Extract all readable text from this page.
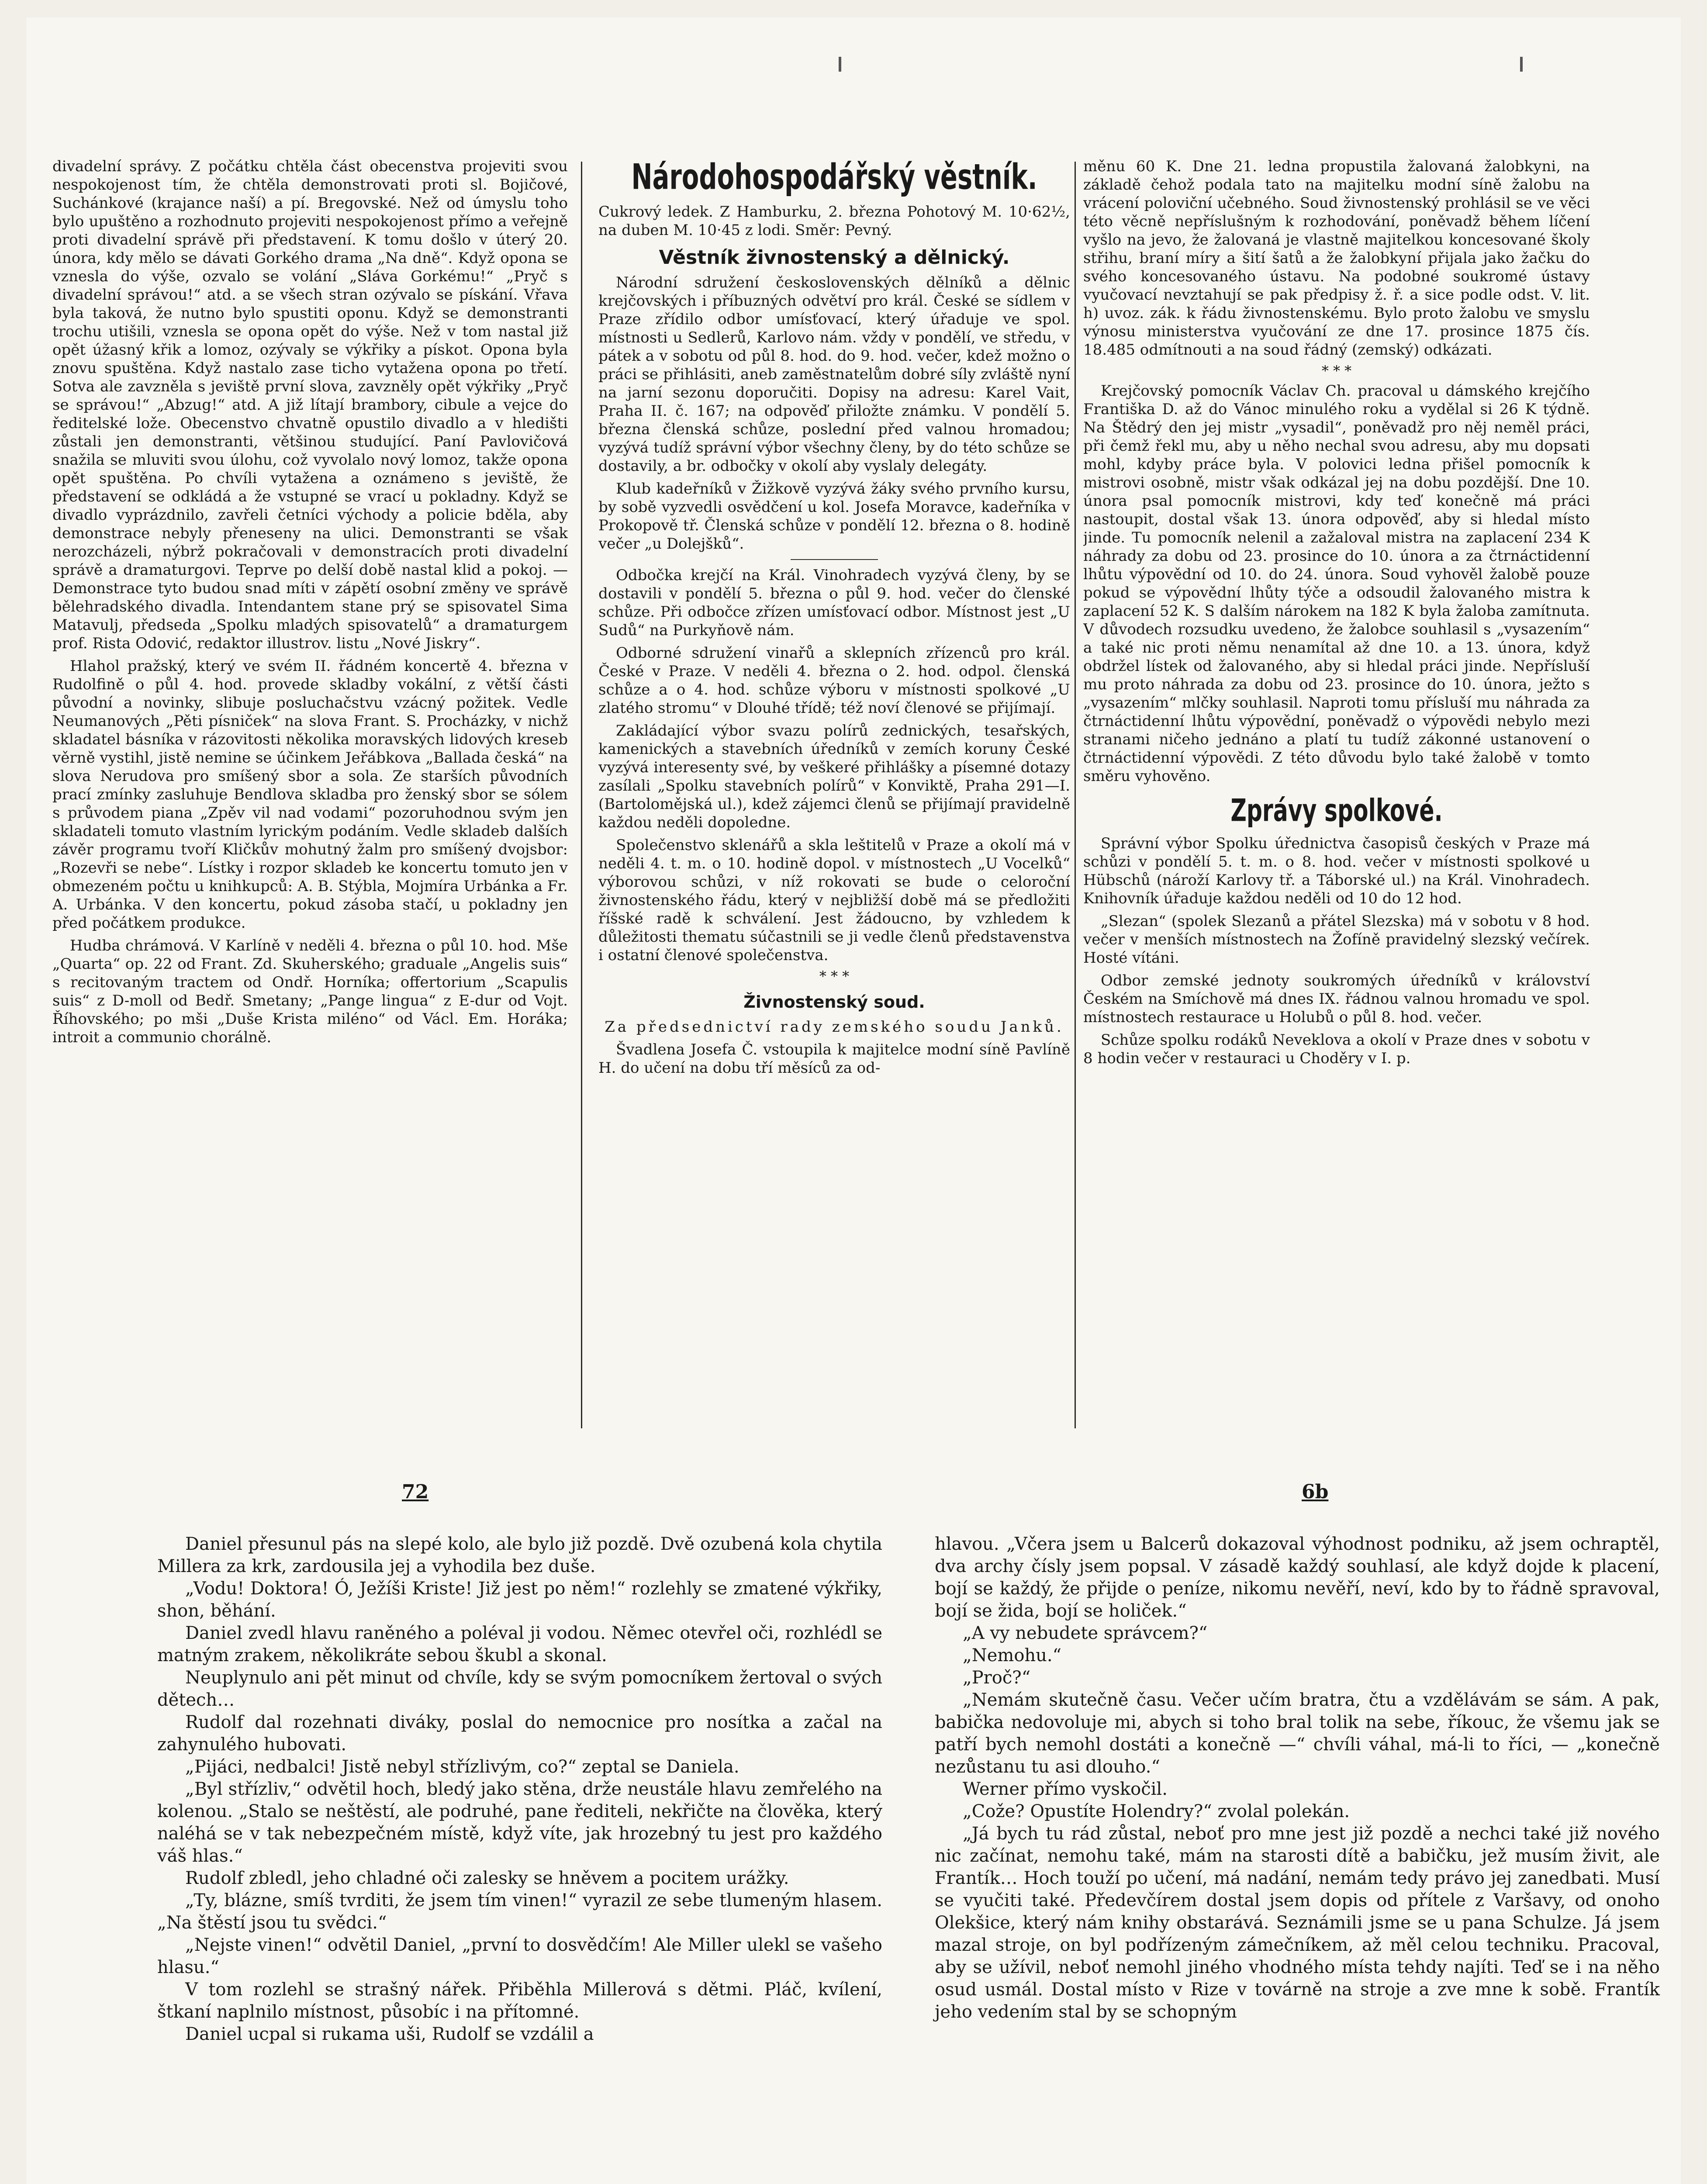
divadelní správy. Z počátku chtěla část obecenstva projeviti svou nespokojenost tím, že chtěla demonstrovati proti sl. Bojičové, Suchánkové (krajance naší) a pí. Bregovské. Než od úmyslu toho bylo upuštěno a rozhodnuto projeviti nespokojenost přímo a veřejně proti divadelní správě při představení. K tomu došlo v úterý 20. února, kdy mělo se dávati Gorkého drama „Na dně“. Když opona se vznesla do výše, ozvalo se volání „Sláva Gorkému!“ „Pryč s divadelní správou!“ atd. a se všech stran ozývalo se pískání. Vřava byla taková, že nutno bylo spustiti oponu. Když se demonstranti trochu utišili, vznesla se opona opět do výše. Než v tom nastal již opět úžasný křik a lomoz, ozývaly se výkřiky a pískot. Opona byla znovu spuštěna. Když nastalo zase ticho vytažena opona po třetí. Sotva ale zavzněla s jeviště první slova, zavzněly opět výkřiky „Pryč se správou!“ „Abzug!“ atd. A již lítají brambory, cibule a vejce do ředitelské lože. Obecenstvo chvatně opustilo divadlo a v hledišti zůstali jen demonstranti, většinou studující. Paní Pavlovičová snažila se mluviti svou úlohu, což vyvolalo nový lomoz, takže opona opět spuštěna. Po chvíli vytažena a oznámeno s jeviště, že představení se odkládá a že vstupné se vrací u pokladny. Když se divadlo vyprázdnilo, zavřeli četníci východy a policie bděla, aby demonstrace nebyly přeneseny na ulici. Demonstranti se však nerozcházeli, nýbrž pokračovali v demonstracích proti divadelní správě a dramaturgovi. Teprve po delší době nastal klid a pokoj. — Demonstrace tyto budou snad míti v zápětí osobní změny ve správě bělehradského divadla. Intendantem stane prý se spisovatel Sima Matavulj, předseda „Spolku mladých spisovatelů“ a dramaturgem prof. Rista Odović, redaktor illustrov. listu „Nové Jiskry“.

Hlahol pražský, který ve svém II. řádném koncertě 4. března v Rudolfině o půl 4. hod. provede skladby vokální, z větší části původní a novinky, slibuje posluchačstvu vzácný požitek. Vedle Neumanových „Pěti písniček“ na slova Frant. S. Procházky, v nichž skladatel básníka v rázovitosti několika moravských lidových kreseb věrně vystihl, jistě nemine se účinkem Jeřábkova „Ballada česká“ na slova Nerudova pro smíšený sbor a sola. Ze starších původních prací zmínky zasluhuje Bendlova skladba pro ženský sbor se sólem s průvodem piana „Zpěv vil nad vodami“ pozoruhodnou svým jen skladateli tomuto vlastním lyrickým podáním. Vedle skladeb dalších závěr programu tvoří Kličkův mohutný žalm pro smíšený dvojsbor: „Rozevři se nebe“. Lístky i rozpor skladeb ke koncertu tomuto jen v obmezeném počtu u knihkupců: A. B. Stýbla, Mojmíra Urbánka a Fr. A. Urbánka. V den koncertu, pokud zásoba stačí, u pokladny jen před počátkem produkce.

Hudba chrámová. V Karlíně v neděli 4. března o půl 10. hod. Mše „Quarta“ op. 22 od Frant. Zd. Skuherského; graduale „Angelis suis“ s recitovaným tractem od Ondř. Horníka; offertorium „Scapulis suis“ z D-moll od Bedř. Smetany; „Pange lingua“ z E-dur od Vojt. Říhovského; po mši „Duše Krista miléno“ od Václ. Em. Horáka; introit a communio chorálně.

Národohospodářský věstník.

Cukrový ledek. Z Hamburku, 2. března Pohotový M. 10·62½, na duben M. 10·45 z lodi. Směr: Pevný.

Věstník živnostenský a dělnický.

Národní sdružení československých dělníků a dělnic krejčovských i příbuzných odvětví pro král. České se sídlem v Praze zřídilo odbor umísťovací, který úřaduje ve spol. místnosti u Sedlerů, Karlovo nám. vždy v pondělí, ve středu, v pátek a v sobotu od půl 8. hod. do 9. hod. večer, kdež možno o práci se přihlásiti, aneb zaměstnatelům dobré síly zvláště nyní na jarní sezonu doporučiti. Dopisy na adresu: Karel Vait, Praha II. č. 167; na odpověď přiložte známku. V pondělí 5. března členská schůze, poslední před valnou hromadou; vyzývá tudíž správní výbor všechny členy, by do této schůze se dostavily, a br. odbočky v okolí aby vyslaly delegáty.

Klub kadeřníků v Žižkově vyzývá žáky svého prvního kursu, by sobě vyzvedli osvědčení u kol. Josefa Moravce, kadeřníka v Prokopově tř. Členská schůze v pondělí 12. března o 8. hodině večer „u Dolejšků“.

Odbočka krejčí na Král. Vinohradech vyzývá členy, by se dostavili v pondělí 5. března o půl 9. hod. večer do členské schůze. Při odbočce zřízen umísťovací odbor. Místnost jest „U Sudů“ na Purkyňově nám.

Odborné sdružení vinařů a sklepních zřízenců pro král. České v Praze. V neděli 4. března o 2. hod. odpol. členská schůze a o 4. hod. schůze výboru v místnosti spolkové „U zlatého stromu“ v Dlouhé třídě; též noví členové se přijímají.

Zakládající výbor svazu polírů zednických, tesařských, kamenických a stavebních úředníků v zemích koruny České vyzývá interesenty své, by veškeré přihlášky a písemné dotazy zasílali „Spolku stavebních polírů“ v Konviktě, Praha 291—I. (Bartolomějská ul.), kdež zájemci členů se přijímají pravidelně každou neděli dopoledne.

Společenstvo sklenářů a skla leštitelů v Praze a okolí má v neděli 4. t. m. o 10. hodině dopol. v místnostech „U Vocelků“ výborovou schůzi, v níž rokovati se bude o celoroční živnostenského řádu, který v nejbližší době má se předložiti říšské radě k schválení. Jest žádoucno, by vzhledem k důležitosti thematu súčastnili se ji vedle členů představenstva i ostatní členové společenstva.

* * *
Živnostenský soud.

Za předsednictví rady zemského soudu Janků.

Švadlena Josefa Č. vstoupila k majitelce modní síně Pavlíně H. do učení na dobu tří měsíců za od-

měnu 60 K. Dne 21. ledna propustila žalovaná žalobkyni, na základě čehož podala tato na majitelku modní síně žalobu na vrácení poloviční učebného. Soud živnostenský prohlásil se ve věci této věcně nepříslušným k rozhodování, poněvadž během líčení vyšlo na jevo, že žalovaná je vlastně majitelkou koncesované školy střihu, braní míry a šití šatů a že žalobkyní přijala jako žačku do svého koncesovaného ústavu. Na podobné soukromé ústavy vyučovací nevztahují se pak předpisy ž. ř. a sice podle odst. V. lit. h) uvoz. zák. k řádu živnostenskému. Bylo proto žalobu ve smyslu výnosu ministerstva vyučování ze dne 17. prosince 1875 čís. 18.485 odmítnouti a na soud řádný (zemský) odkázati.

* * *

Krejčovský pomocník Václav Ch. pracoval u dámského krejčího Františka D. až do Vánoc minulého roku a vydělal si 26 K týdně. Na Štědrý den jej mistr „vysadil“, poněvadž pro něj neměl práci, při čemž řekl mu, aby u něho nechal svou adresu, aby mu dopsati mohl, kdyby práce byla. V polovici ledna přišel pomocník k mistrovi osobně, mistr však odkázal jej na dobu pozdější. Dne 10. února psal pomocník mistrovi, kdy teď konečně má práci nastoupit, dostal však 13. února odpověď, aby si hledal místo jinde. Tu pomocník nelenil a zažaloval mistra na zaplacení 234 K náhrady za dobu od 23. prosince do 10. února a za čtrnáctidenní lhůtu výpovědní od 10. do 24. února. Soud vyhověl žalobě pouze pokud se výpovědní lhůty týče a odsoudil žalovaného mistra k zaplacení 52 K. S dalším nárokem na 182 K byla žaloba zamítnuta. V důvodech rozsudku uvedeno, že žalobce souhlasil s „vysazením“ a také nic proti němu nenamítal až dne 10. a 13. února, když obdržel lístek od žalovaného, aby si hledal práci jinde. Nepřísluší mu proto náhrada za dobu od 23. prosince do 10. února, ježto s „vysazením“ mlčky souhlasil. Naproti tomu přísluší mu náhrada za čtrnáctidenní lhůtu výpovědní, poněvadž o výpovědi nebylo mezi stranami ničeho jednáno a platí tu tudíž zákonné ustanovení o čtrnáctidenní výpovědi. Z této důvodu bylo také žalobě v tomto směru vyhověno.

Zprávy spolkové.

Správní výbor Spolku úřednictva časopisů českých v Praze má schůzi v pondělí 5. t. m. o 8. hod. večer v místnosti spolkové u Hübschů (nároží Karlovy tř. a Táborské ul.) na Král. Vinohradech. Knihovník úřaduje každou neděli od 10 do 12 hod.

„Slezan“ (spolek Slezanů a přátel Slezska) má v sobotu v 8 hod. večer v menších místnostech na Žofíně pravidelný slezský večírek. Hosté vítáni.

Odbor zemské jednoty soukromých úředníků v království Českém na Smíchově má dnes IX. řádnou valnou hromadu ve spol. místnostech restaurace u Holubů o půl 8. hod. večer.

Schůze spolku rodáků Neveklova a okolí v Praze dnes v sobotu v 8 hodin večer v restauraci u Choděry v I. p.

72	6b

Daniel přesunul pás na slepé kolo, ale bylo již pozdě. Dvě ozubená kola chytila Millera za krk, zardousila jej a vyhodila bez duše.

„Vodu! Doktora! Ó, Ježíši Kriste! Již jest po něm!“ rozlehly se zmatené výkřiky, shon, běhání.

Daniel zvedl hlavu raněného a poléval ji vodou. Němec otevřel oči, rozhlédl se matným zrakem, několikráte sebou škubl a skonal.

Neuplynulo ani pět minut od chvíle, kdy se svým pomocníkem žertoval o svých dětech…

Rudolf dal rozehnati diváky, poslal do nemocnice pro nosítka a začal na zahynulého hubovati.

„Pijáci, nedbalci! Jistě nebyl střízlivým, co?“ zeptal se Daniela.

„Byl střízliv,“ odvětil hoch, bledý jako stěna, drže neustále hlavu zemřelého na kolenou. „Stalo se neštěstí, ale podruhé, pane řediteli, nekřičte na člověka, který naléhá se v tak nebezpečném místě, když víte, jak hrozebný tu jest pro každého váš hlas.“

Rudolf zbledl, jeho chladné oči zalesky se hněvem a pocitem urážky.

„Ty, blázne, smíš tvrditi, že jsem tím vinen!“ vyrazil ze sebe tlumeným hlasem. „Na štěstí jsou tu svědci.“

„Nejste vinen!“ odvětil Daniel, „první to dosvědčím! Ale Miller ulekl se vašeho hlasu.“

V tom rozlehl se strašný nářek. Přiběhla Millerová s dětmi. Pláč, kvílení, štkaní naplnilo místnost, působíc i na přítomné.

Daniel ucpal si rukama uši, Rudolf se vzdálil a

hlavou. „Včera jsem u Balcerů dokazoval výhodnost podniku, až jsem ochraptěl, dva archy čísly jsem popsal. V zásadě každý souhlasí, ale když dojde k placení, bojí se každý, že přijde o peníze, nikomu nevěří, neví, kdo by to řádně spravoval, bojí se žida, bojí se holiček.“

„A vy nebudete správcem?“

„Nemohu.“

„Proč?“

„Nemám skutečně času. Večer učím bratra, čtu a vzdělávám se sám. A pak, babička nedovoluje mi, abych si toho bral tolik na sebe, říkouc, že všemu jak se patří bych nemohl dostáti a konečně —“ chvíli váhal, má-li to říci, — „konečně nezůstanu tu asi dlouho.“

Werner přímo vyskočil.

„Cože? Opustíte Holendry?“ zvolal polekán.

„Já bych tu rád zůstal, neboť pro mne jest již pozdě a nechci také již nového nic začínat, nemohu také, mám na starosti dítě a babičku, jež musím živit, ale Frantík… Hoch touží po učení, má nadání, nemám tedy právo jej zanedbati. Musí se vyučiti také. Předevčírem dostal jsem dopis od přítele z Varšavy, od onoho Olekšice, který nám knihy obstarává. Seznámili jsme se u pana Schulze. Já jsem mazal stroje, on byl podřízeným zámečníkem, až měl celou techniku. Pracoval, aby se užívil, neboť nemohl jiného vhodného místa tehdy najíti. Teď se i na něho osud usmál. Dostal místo v Rize v továrně na stroje a zve mne k sobě. Frantík jeho vedením stal by se schopným
